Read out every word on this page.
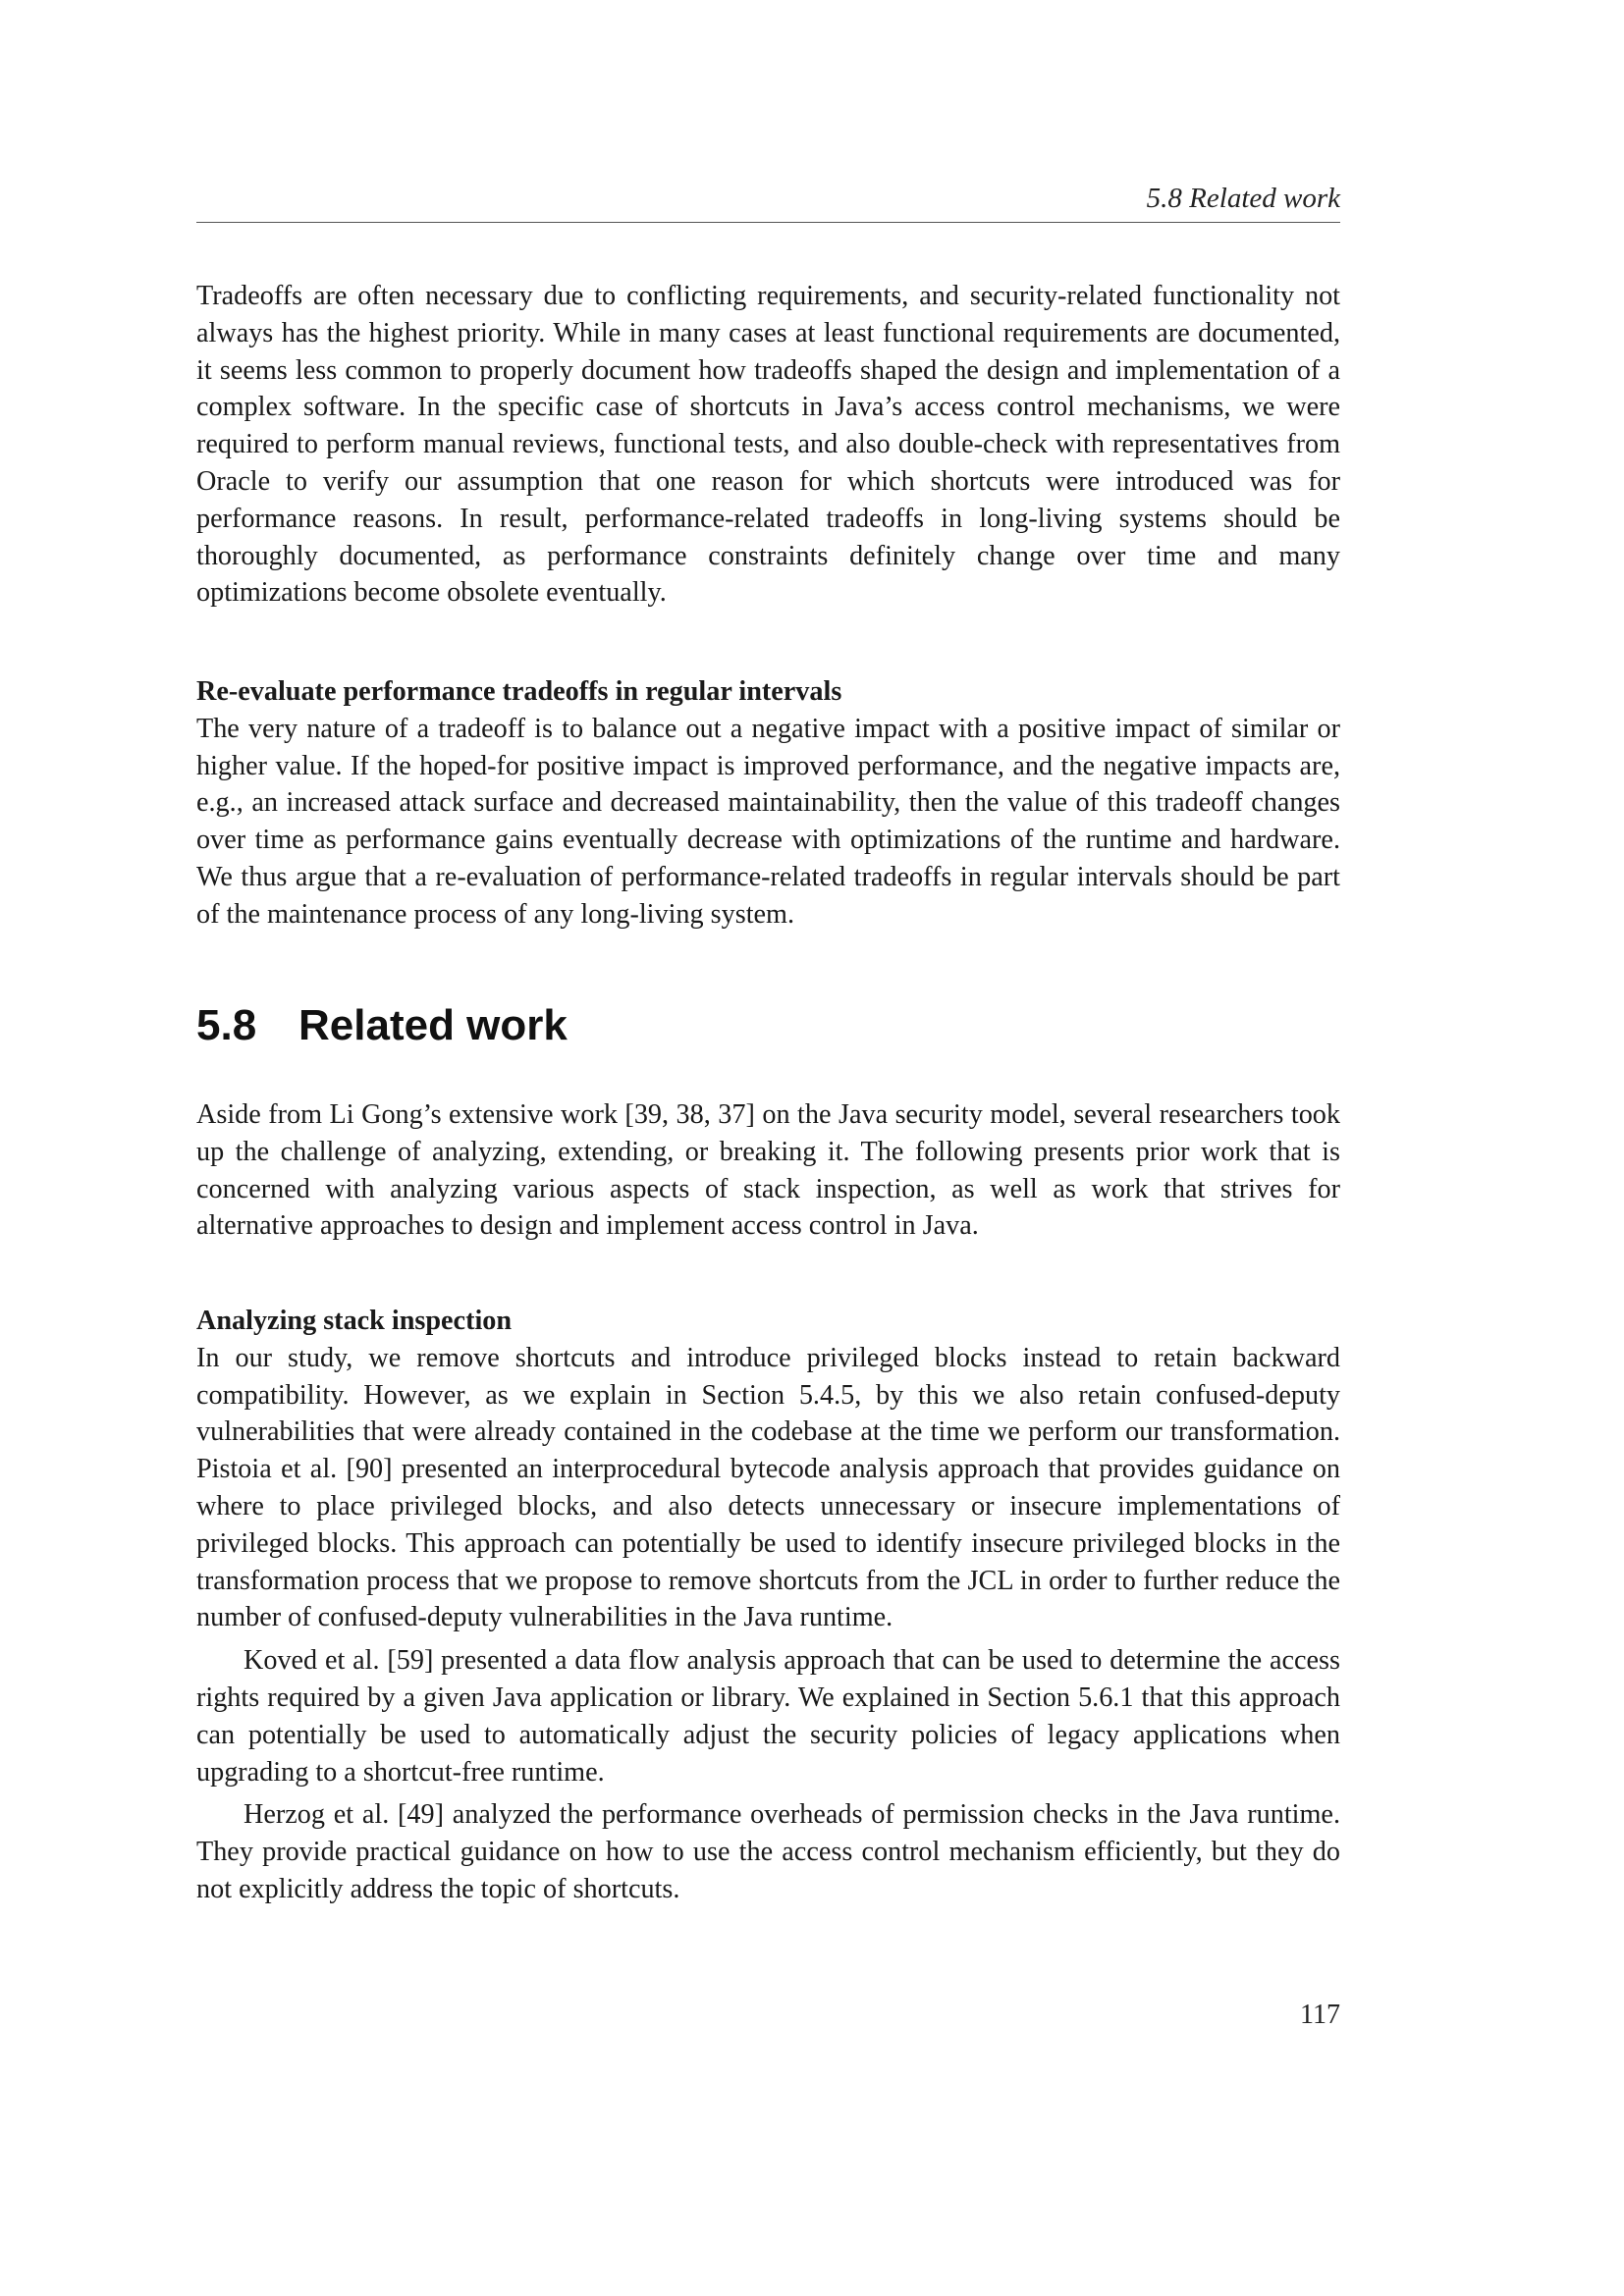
5.8 Related work

Tradeoffs are often necessary due to conflicting requirements, and security-related functionality not always has the highest priority. While in many cases at least functional requirements are documented, it seems less common to properly document how tradeoffs shaped the design and implementation of a complex software. In the specific case of shortcuts in Java’s access control mechanisms, we were required to perform manual reviews, functional tests, and also double-check with representatives from Oracle to verify our assumption that one reason for which shortcuts were introduced was for performance reasons. In result, performance-related tradeoffs in long-living systems should be thoroughly documented, as performance constraints definitely change over time and many optimizations become obsolete eventually.

Re-evaluate performance tradeoffs in regular intervals

The very nature of a tradeoff is to balance out a negative impact with a positive impact of similar or higher value. If the hoped-for positive impact is improved performance, and the negative impacts are, e.g., an increased attack surface and decreased maintainability, then the value of this tradeoff changes over time as performance gains eventually decrease with optimizations of the runtime and hardware. We thus argue that a re-evaluation of performance-related tradeoffs in regular intervals should be part of the maintenance process of any long-living system.

5.8 Related work

Aside from Li Gong’s extensive work [39, 38, 37] on the Java security model, several researchers took up the challenge of analyzing, extending, or breaking it. The following presents prior work that is concerned with analyzing various aspects of stack inspection, as well as work that strives for alternative approaches to design and implement access control in Java.

Analyzing stack inspection

In our study, we remove shortcuts and introduce privileged blocks instead to retain backward compatibility. However, as we explain in Section 5.4.5, by this we also retain confused-deputy vulnerabilities that were already contained in the codebase at the time we perform our transformation. Pistoia et al. [90] presented an interprocedural bytecode analysis approach that provides guidance on where to place privileged blocks, and also detects unnecessary or insecure implementations of privileged blocks. This approach can potentially be used to identify insecure privileged blocks in the transformation process that we propose to remove shortcuts from the JCL in order to further reduce the number of confused-deputy vulnerabilities in the Java runtime.

Koved et al. [59] presented a data flow analysis approach that can be used to determine the access rights required by a given Java application or library. We explained in Section 5.6.1 that this approach can potentially be used to automatically adjust the security policies of legacy applications when upgrading to a shortcut-free runtime.

Herzog et al. [49] analyzed the performance overheads of permission checks in the Java runtime. They provide practical guidance on how to use the access control mechanism efficiently, but they do not explicitly address the topic of shortcuts.

117
